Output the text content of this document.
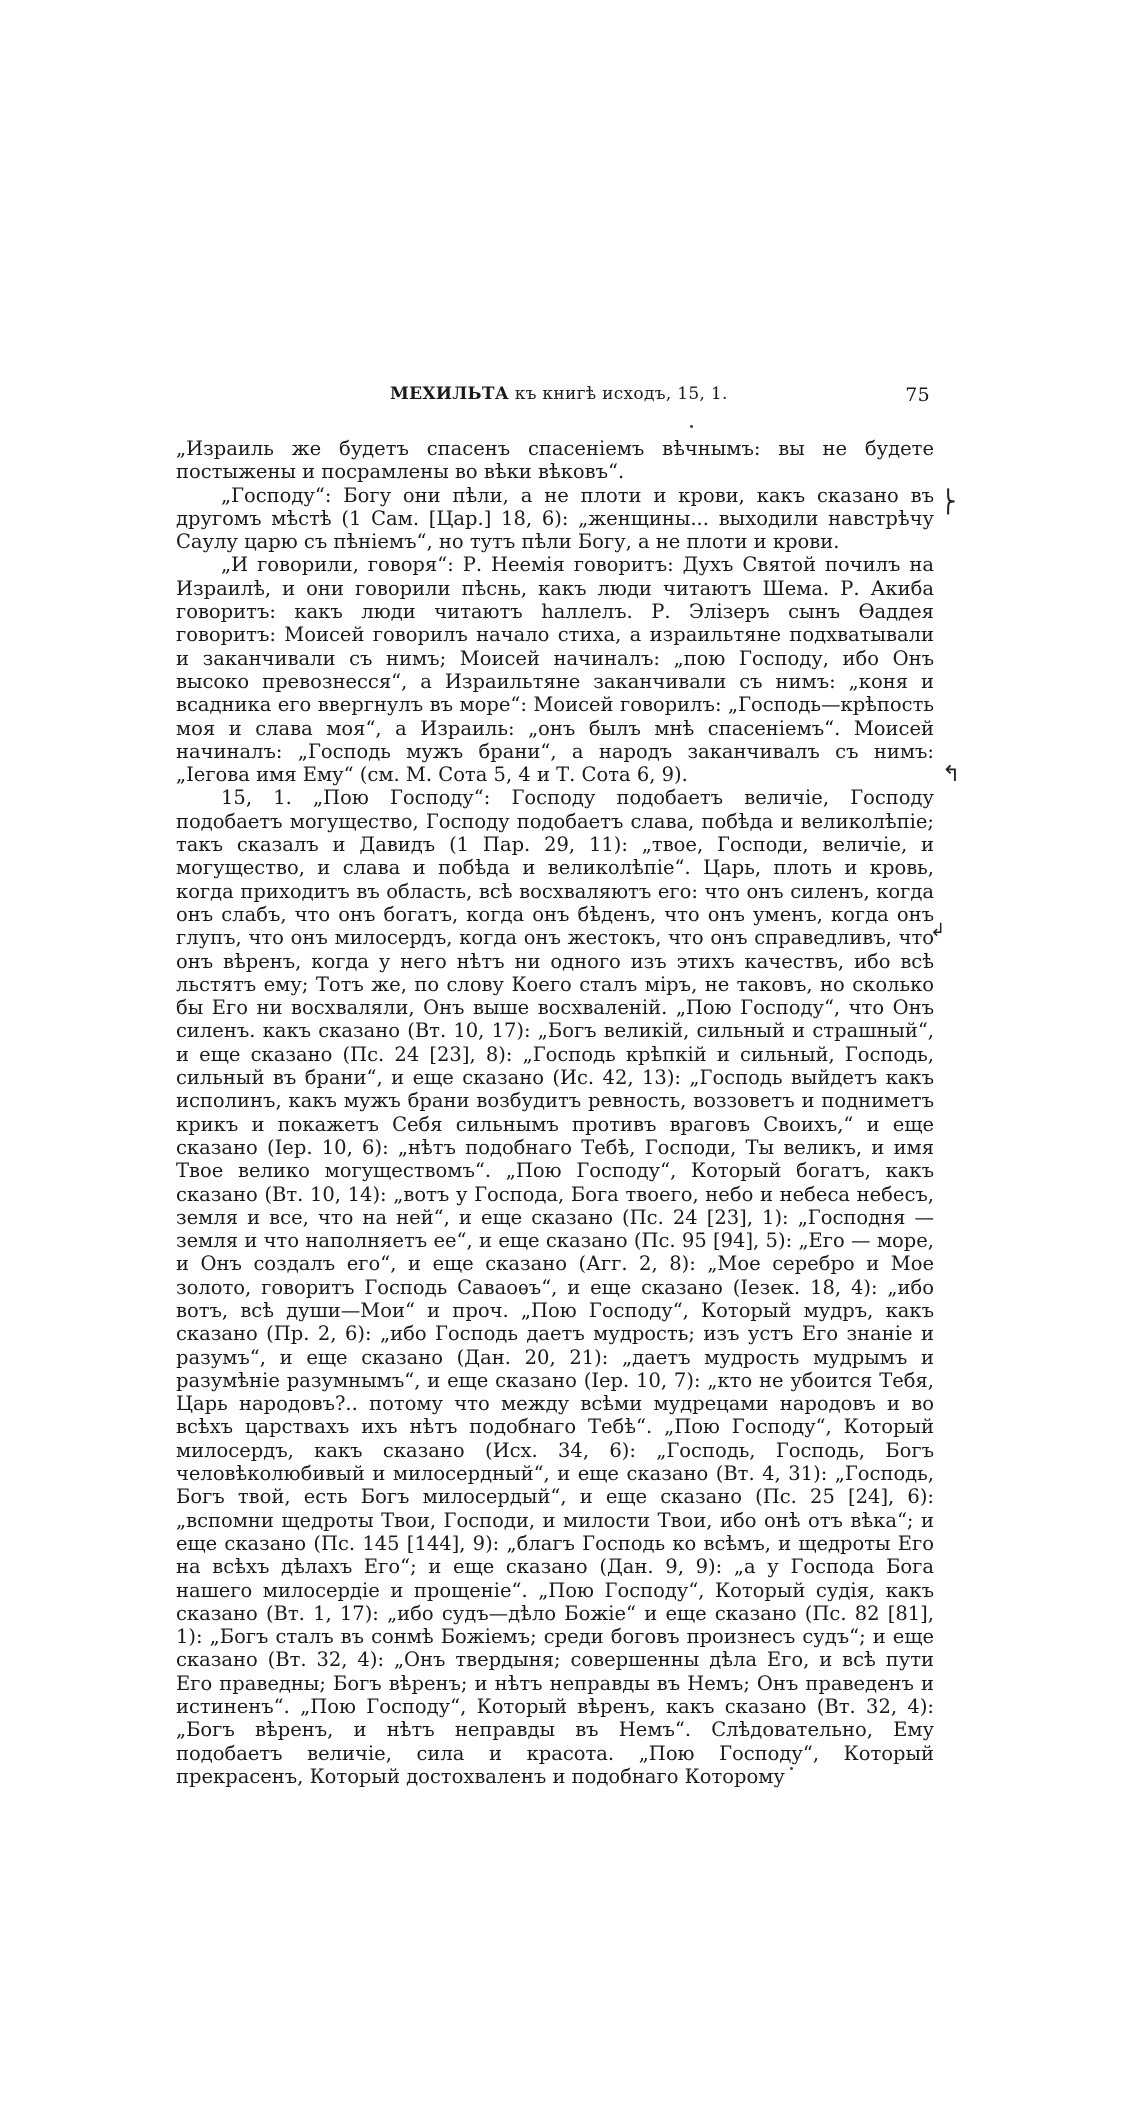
МЕХИЛЬТА къ книгѣ исходъ, 15, 1.	75

„Израиль же будетъ спасенъ спасеніемъ вѣчнымъ: вы не будете постыжены и посрамлены во вѣки вѣковъ“.

„Господу“: Богу они пѣли, а не плоти и крови, какъ сказано въ другомъ мѣстѣ (1 Сам. [Цар.] 18, 6): „женщины... выходили навстрѣчу Саулу царю съ пѣніемъ“, но тутъ пѣли Богу, а не плоти и крови.

„И говорили, говоря“: Р. Неемія говоритъ: Духъ Святой почилъ на Израилѣ, и они говорили пѣснь, какъ люди читаютъ Шема. Р. Акиба говоритъ: какъ люди читаютъ hаллелъ. Р. Элізеръ сынъ Ѳаддея говоритъ: Моисей говорилъ начало стиха, а израильтяне подхватывали и заканчивали съ нимъ; Моисей начиналъ: „пою Господу, ибо Онъ высоко превознесся“, а Израильтяне заканчивали съ нимъ: „коня и всадника его ввергнулъ въ море“: Моисей говорилъ: „Господь—крѣпость моя и слава моя“, а Израиль: „онъ былъ мнѣ спасеніемъ“. Моисей начиналъ: „Господь мужъ брани“, а народъ заканчивалъ съ нимъ: „Іегова имя Ему“ (см. М. Сота 5, 4 и Т. Сота 6, 9).

15, 1. „Пою Господу“: Господу подобаетъ величіе, Господу подобаетъ могущество, Господу подобаетъ слава, побѣда и великолѣпіе; такъ сказалъ и Давидъ (1 Пар. 29, 11): „твое, Господи, величіе, и могущество, и слава и побѣда и великолѣпіе“. Царь, плоть и кровь, когда приходитъ въ область, всѣ восхваляютъ его: что онъ силенъ, когда онъ слабъ, что онъ богатъ, когда онъ бѣденъ, что онъ уменъ, когда онъ глупъ, что онъ милосердъ, когда онъ жестокъ, что онъ справедливъ, что онъ вѣренъ, когда у него нѣтъ ни одного изъ этихъ качествъ, ибо всѣ льстятъ ему; Тотъ же, по слову Коего сталъ міръ, не таковъ, но сколько бы Его ни восхваляли, Онъ выше восхваленій. „Пою Господу“, что Онъ силенъ. какъ сказано (Вт. 10, 17): „Богъ великій, сильный и страшный“, и еще сказано (Пс. 24 [23], 8): „Господь крѣпкій и сильный, Господь, сильный въ брани“, и еще сказано (Ис. 42, 13): „Господь выйдетъ какъ исполинъ, какъ мужъ брани возбудитъ ревность, воззоветъ и подниметъ крикъ и покажетъ Себя сильнымъ противъ враговъ Своихъ,“ и еще сказано (Іер. 10, 6): „нѣтъ подобнаго Тебѣ, Господи, Ты великъ, и имя Твое велико могуществомъ“. „Пою Господу“, Который богатъ, какъ сказано (Вт. 10, 14): „вотъ у Господа, Бога твоего, небо и небеса небесъ, земля и все, что на ней“, и еще сказано (Пс. 24 [23], 1): „Господня — земля и что наполняетъ ее“, и еще сказано (Пс. 95 [94], 5): „Его — море, и Онъ создалъ его“, и еще сказано (Агг. 2, 8): „Мое серебро и Мое золото, говоритъ Господь Саваоѳъ“, и еще сказано (Іезек. 18, 4): „ибо вотъ, всѣ души—Мои“ и проч. „Пою Господу“, Который мудръ, какъ сказано (Пр. 2, 6): „ибо Господь даетъ мудрость; изъ устъ Его знаніе и разумъ“, и еще сказано (Дан. 20, 21): „даетъ мудрость мудрымъ и разумѣніе разумнымъ“, и еще сказано (Іер. 10, 7): „кто не убоится Тебя, Царь народовъ?.. потому что между всѣми мудрецами народовъ и во всѣхъ царствахъ ихъ нѣтъ подобнаго Тебѣ“. „Пою Господу“, Который милосердъ, какъ сказано (Исх. 34, 6): „Господь, Господь, Богъ человѣколюбивый и милосердный“, и еще сказано (Вт. 4, 31): „Господь, Богъ твой, есть Богъ милосердый“, и еще сказано (Пс. 25 [24], 6): „вспомни щедроты Твои, Господи, и милости Твои, ибо онѣ отъ вѣка“; и еще сказано (Пс. 145 [144], 9): „благъ Господь ко всѣмъ, и щедроты Его на всѣхъ дѣлахъ Его“; и еще сказано (Дан. 9, 9): „а у Господа Бога нашего милосердіе и прощеніе“. „Пою Господу“, Который судія, какъ сказано (Вт. 1, 17): „ибо судъ—дѣло Божіе“ и еще сказано (Пс. 82 [81], 1): „Богъ сталъ въ сонмѣ Божіемъ; среди боговъ произнесъ судъ“; и еще сказано (Вт. 32, 4): „Онъ твердыня; совершенны дѣла Его, и всѣ пути Его праведны; Богъ вѣренъ; и нѣтъ неправды въ Немъ; Онъ праведенъ и истиненъ“. „Пою Господу“, Который вѣренъ, какъ сказано (Вт. 32, 4): „Богъ вѣренъ, и нѣтъ неправды въ Немъ“. Слѣдовательно, Ему подобаетъ величіе, сила и красота. „Пою Господу“, Который прекрасенъ, Который достохваленъ и подобнаго Которому

⎬
↰
↲
